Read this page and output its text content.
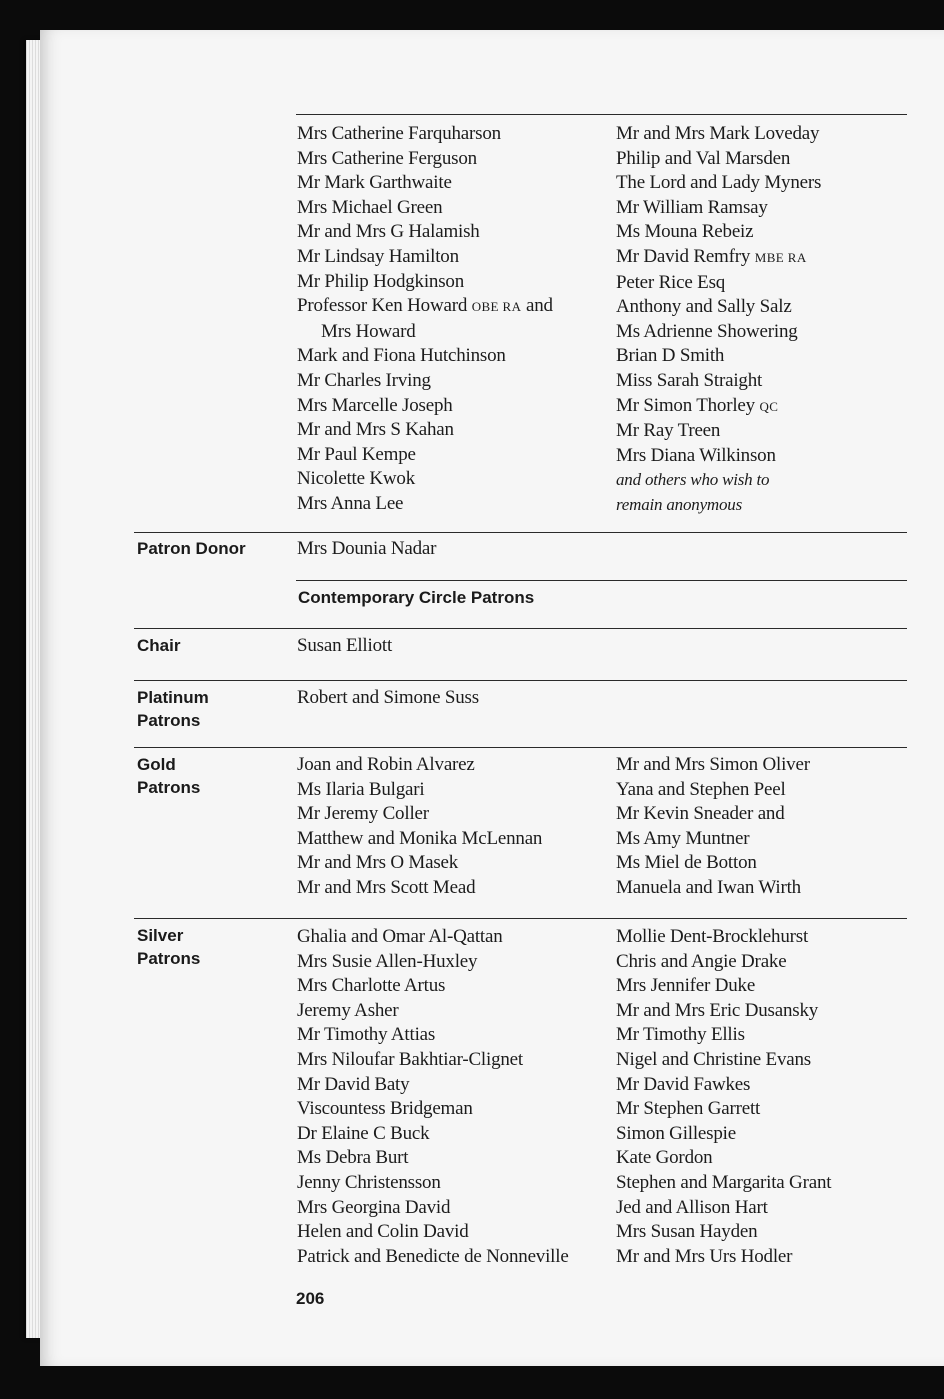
Mrs Catherine Farquharson
Mrs Catherine Ferguson
Mr Mark Garthwaite
Mrs Michael Green
Mr and Mrs G Halamish
Mr Lindsay Hamilton
Mr Philip Hodgkinson
Professor Ken Howard OBE RA and
Mrs Howard
Mark and Fiona Hutchinson
Mr Charles Irving
Mrs Marcelle Joseph
Mr and Mrs S Kahan
Mr Paul Kempe
Nicolette Kwok
Mrs Anna Lee
Mr and Mrs Mark Loveday
Philip and Val Marsden
The Lord and Lady Myners
Mr William Ramsay
Ms Mouna Rebeiz
Mr David Remfry MBE RA
Peter Rice Esq
Anthony and Sally Salz
Ms Adrienne Showering
Brian D Smith
Miss Sarah Straight
Mr Simon Thorley QC
Mr Ray Treen
Mrs Diana Wilkinson
and others who wish to
remain anonymous
Patron Donor	Mrs Dounia Nadar
Contemporary Circle Patrons
Chair	Susan Elliott
Platinum
Patrons
Robert and Simone Suss
Gold
Patrons
Joan and Robin Alvarez
Ms Ilaria Bulgari
Mr Jeremy Coller
Matthew and Monika McLennan
Mr and Mrs O Masek
Mr and Mrs Scott Mead
Mr and Mrs Simon Oliver
Yana and Stephen Peel
Mr Kevin Sneader and
Ms Amy Muntner
Ms Miel de Botton
Manuela and Iwan Wirth
Silver
Patrons
Ghalia and Omar Al-Qattan
Mrs Susie Allen-Huxley
Mrs Charlotte Artus
Jeremy Asher
Mr Timothy Attias
Mrs Niloufar Bakhtiar-Clignet
Mr David Baty
Viscountess Bridgeman
Dr Elaine C Buck
Ms Debra Burt
Jenny Christensson
Mrs Georgina David
Helen and Colin David
Patrick and Benedicte de Nonneville
Mollie Dent-Brocklehurst
Chris and Angie Drake
Mrs Jennifer Duke
Mr and Mrs Eric Dusansky
Mr Timothy Ellis
Nigel and Christine Evans
Mr David Fawkes
Mr Stephen Garrett
Simon Gillespie
Kate Gordon
Stephen and Margarita Grant
Jed and Allison Hart
Mrs Susan Hayden
Mr and Mrs Urs Hodler
206
